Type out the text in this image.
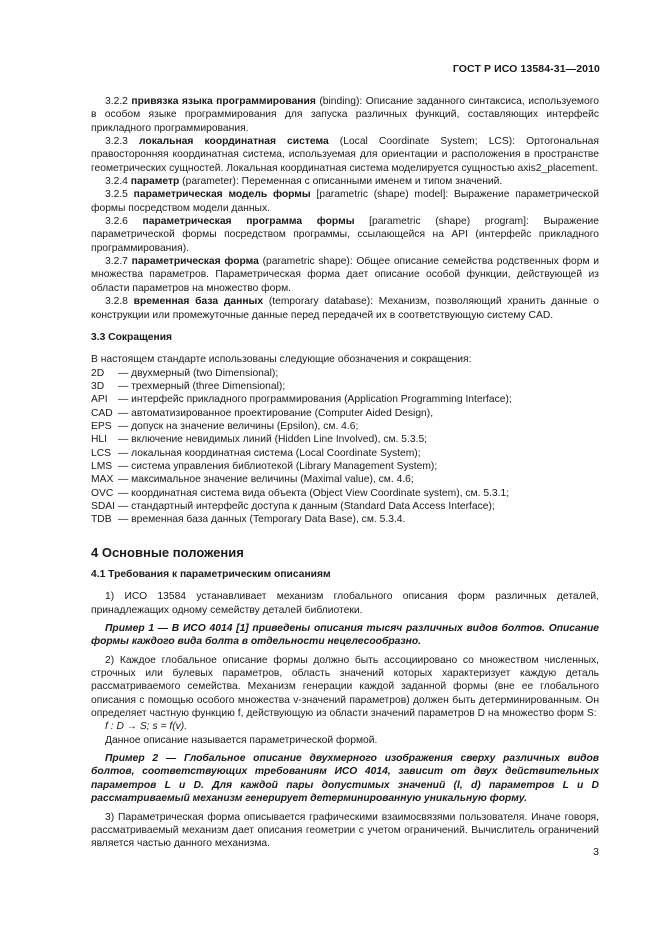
ГОСТ Р ИСО 13584-31—2010

3.2.2 привязка языка программирования (binding): Описание заданного синтаксиса, используемого в особом языке программирования для запуска различных функций, составляющих интерфейс прикладного программирования.

3.2.3 локальная координатная система (Local Coordinate System; LCS): Ортогональная правосторонняя координатная система, используемая для ориентации и расположения в пространстве геометрических сущностей. Локальная координатная система моделируется сущностью axis2_placement.

3.2.4 параметр (parameter): Переменная с описанными именем и типом значений.

3.2.5 параметрическая модель формы [parametric (shape) model]: Выражение параметрической формы посредством модели данных.

3.2.6 параметрическая программа формы [parametric (shape) program]: Выражение параметрической формы посредством программы, ссылающейся на API (интерфейс прикладного программирования).

3.2.7 параметрическая форма (parametric shape): Общее описание семейства родственных форм и множества параметров. Параметрическая форма дает описание особой функции, действующей из области параметров на множество форм.

3.2.8 временная база данных (temporary database): Механизм, позволяющий хранить данные о конструкции или промежуточные данные перед передачей их в соответствующую систему CAD.

3.3 Сокращения

В настоящем стандарте использованы следующие обозначения и сокращения:

2D	— двухмерный (two Dimensional);
3D	— трехмерный (three Dimensional);
API	— интерфейс прикладного программирования (Application Programming Interface);
CAD — автоматизированное проектирование (Computer Aided Design),
EPS — допуск на значение величины (Epsilon), см. 4.6;
HLI	— включение невидимых линий (Hidden Line Involved), см. 5.3.5;
LCS — локальная координатная система (Local Coordinate System);
LMS — система управления библиотекой (Library Management System);
MAX — максимальное значение величины (Maximal value), см. 4.6;
OVC — координатная система вида объекта (Object View Coordinate system), см. 5.3.1;
SDAI — стандартный интерфейс доступа к данным (Standard Data Access Interface);
TDB — временная база данных (Temporary Data Base), см. 5.3.4.

4 Основные положения

4.1 Требования к параметрическим описаниям

1) ИСО 13584 устанавливает механизм глобального описания форм различных деталей, принадлежащих одному семейству деталей библиотеки.

Пример 1 — В ИСО 4014 [1] приведены описания тысяч различных видов болтов. Описание формы каждого вида болта в отдельности нецелесообразно.

2) Каждое глобальное описание формы должно быть ассоциировано со множеством численных, строчных или булевых параметров, область значений которых характеризует каждую деталь рассматриваемого семейства. Механизм генерации каждой заданной формы (вне ее глобального описания с помощью особого множества v-значений параметров) должен быть детерминированным. Он определяет частную функцию f, действующую из области значений параметров D на множество форм S:

f : D → S; s = f(v).

Данное описание называется параметрической формой.

Пример 2 — Глобальное описание двухмерного изображения сверху различных видов болтов, соответствующих требованиям ИСО 4014, зависит от двух действительных параметров L и D. Для каждой пары допустимых значений (l, d) параметров L и D рассматриваемый механизм генерирует детерминированную уникальную форму.

3) Параметрическая форма описывается графическими взаимосвязями пользователя. Иначе говоря, рассматриваемый механизм дает описания геометрии с учетом ограничений. Вычислитель ограничений является частью данного механизма.

3
